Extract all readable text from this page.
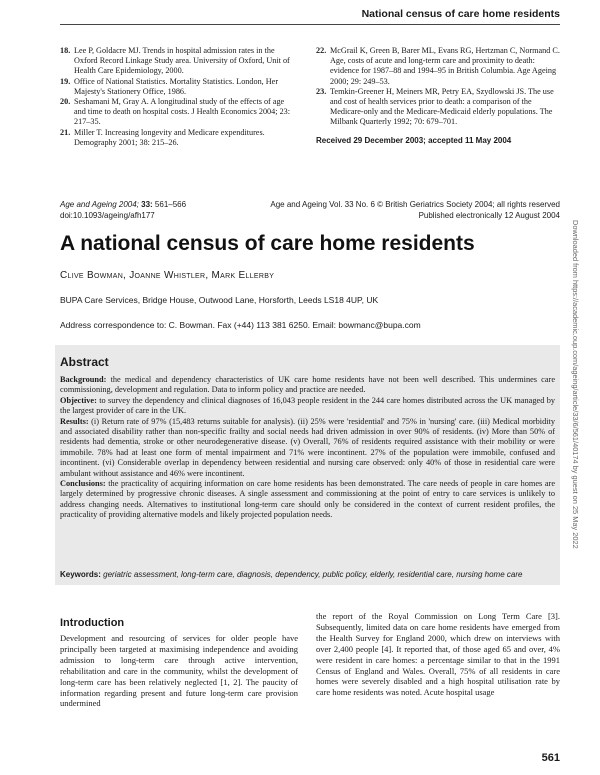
National census of care home residents
18. Lee P, Goldacre MJ. Trends in hospital admission rates in the Oxford Record Linkage Study area. University of Oxford, Unit of Health Care Epidemiology, 2000.
19. Office of National Statistics. Mortality Statistics. London, Her Majesty's Stationery Office, 1986.
20. Seshamani M, Gray A. A longitudinal study of the effects of age and time to death on hospital costs. J Health Economics 2004; 23: 217–35.
21. Miller T. Increasing longevity and Medicare expenditures. Demography 2001; 38: 215–26.
22. McGrail K, Green B, Barer ML, Evans RG, Hertzman C, Normand C. Age, costs of acute and long-term care and proximity to death: evidence for 1987–88 and 1994–95 in British Columbia. Age Ageing 2000; 29: 249–53.
23. Temkin-Greener H, Meiners MR, Petry EA, Szydlowski JS. The use and cost of health services prior to death: a comparison of the Medicare-only and the Medicare-Medicaid elderly populations. The Milbank Quarterly 1992; 70: 679–701.
Received 29 December 2003; accepted 11 May 2004
Age and Ageing 2004; 33: 561–566
doi:10.1093/ageing/afh177
Age and Ageing Vol. 33 No. 6 © British Geriatrics Society 2004; all rights reserved
Published electronically 12 August 2004
A national census of care home residents
Clive Bowman, Joanne Whistler, Mark Ellerby
BUPA Care Services, Bridge House, Outwood Lane, Horsforth, Leeds LS18 4UP, UK
Address correspondence to: C. Bowman. Fax (+44) 113 381 6250. Email: bowmanc@bupa.com
Abstract

Background: the medical and dependency characteristics of UK care home residents have not been well described. This undermines care commissioning, development and regulation. Data to inform policy and practice are needed.

Objective: to survey the dependency and clinical diagnoses of 16,043 people resident in the 244 care homes distributed across the UK managed by the largest provider of care in the UK.

Results: (i) Return rate of 97% (15,483 returns suitable for analysis). (ii) 25% were 'residential' and 75% in 'nursing' care. (iii) Medical morbidity and associated disability rather than non-specific frailty and social needs had driven admission in over 90% of residents. (iv) More than 50% of residents had dementia, stroke or other neurodegenerative disease. (v) Overall, 76% of residents required assistance with their mobility or were immobile. 78% had at least one form of mental impairment and 71% were incontinent. 27% of the population were immobile, confused and incontinent. (vi) Considerable overlap in dependency between residential and nursing care observed: only 40% of those in residential care were ambulant without assistance and 46% were incontinent.

Conclusions: the practicality of acquiring information on care home residents has been demonstrated. The care needs of people in care homes are largely determined by progressive chronic diseases. A single assessment and commissioning at the point of entry to care services is unlikely to address changing needs. Alternatives to institutional long-term care should only be considered in the context of current resident profiles, the practicality of providing alternative models and likely projected population needs.

Keywords: geriatric assessment, long-term care, diagnosis, dependency, public policy, elderly, residential care, nursing home care
Introduction
Development and resourcing of services for older people have principally been targeted at maximising independence and avoiding admission to long-term care through active intervention, rehabilitation and care in the community, whilst the development of long-term care has been relatively neglected [1, 2]. The paucity of information regarding present and future long-term care provision undermined
the report of the Royal Commission on Long Term Care [3]. Subsequently, limited data on care home residents have emerged from the Health Survey for England 2000, which drew on interviews with over 2,400 people [4]. It reported that, of those aged 65 and over, 4% were resident in care homes: a percentage similar to that in the 1991 Census of England and Wales. Overall, 75% of all residents in care homes were severely disabled and a high hospital utilisation rate by care home residents was noted. Acute hospital usage
561
Downloaded from https://academic.oup.com/ageing/article/33/6/561/40174 by guest on 25 May 2022
